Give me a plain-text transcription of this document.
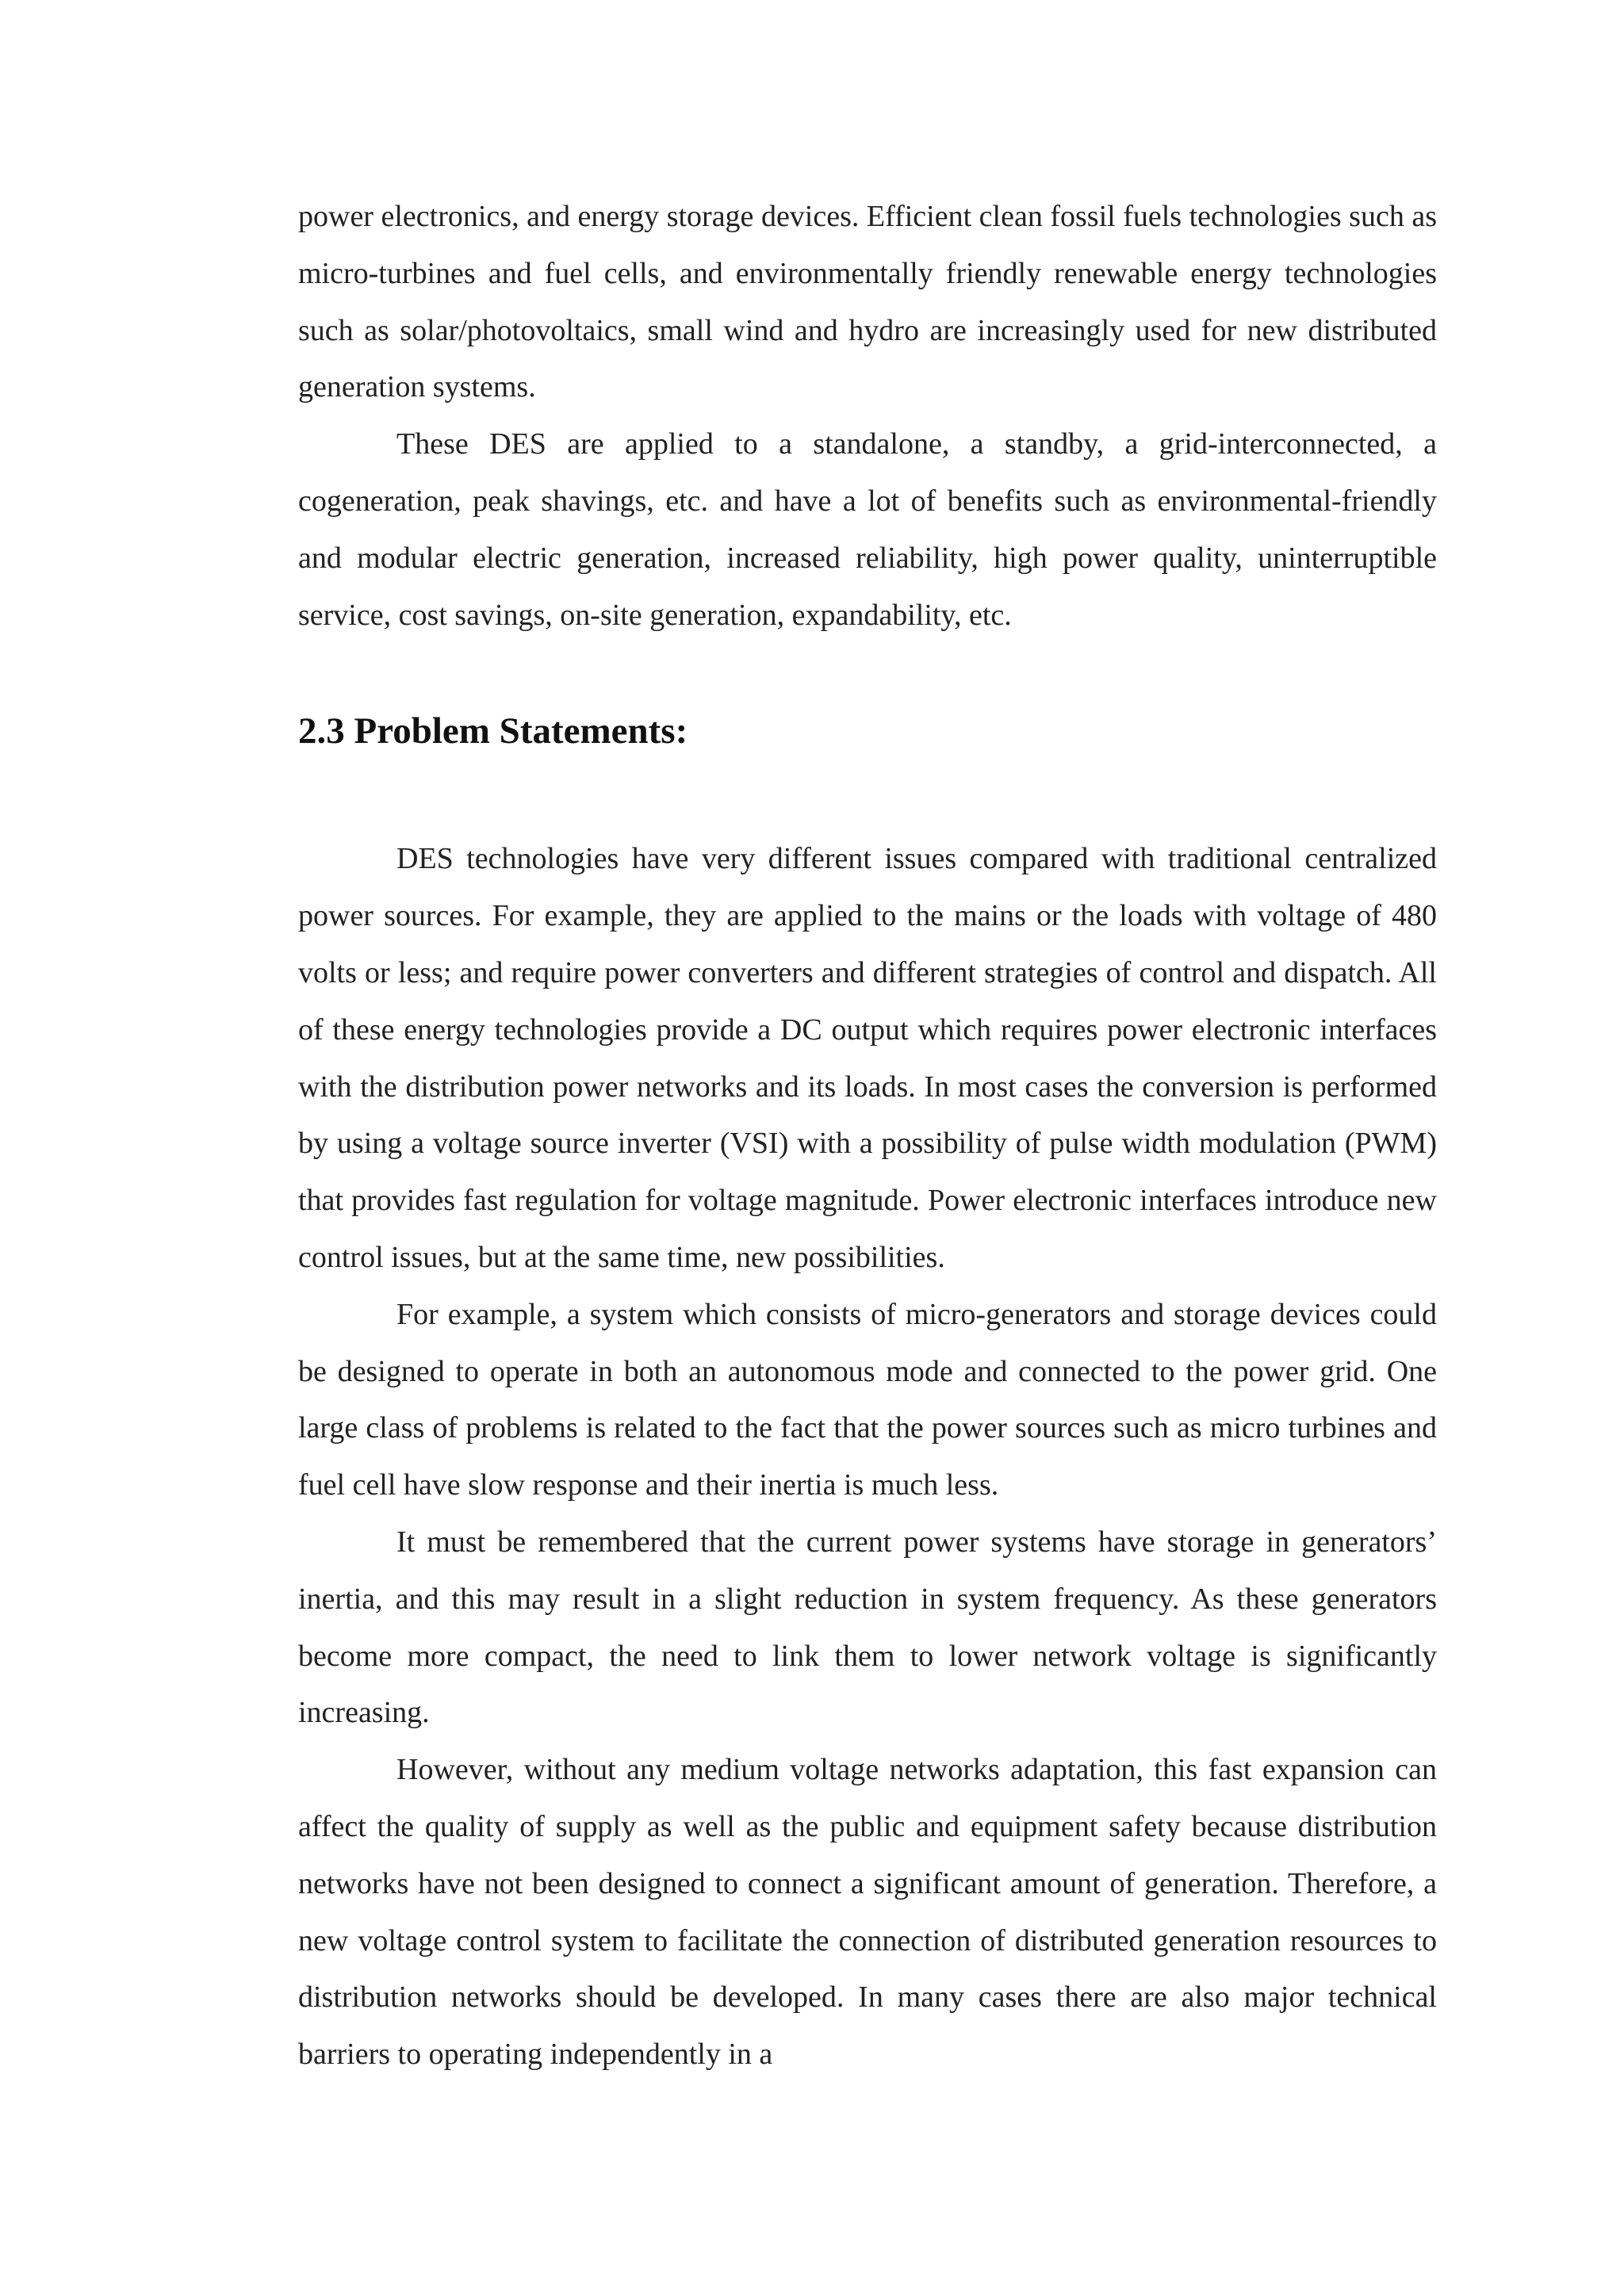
power electronics, and energy storage devices. Efficient clean fossil fuels technologies such as micro-turbines and fuel cells, and environmentally friendly renewable energy technologies such as solar/photovoltaics, small wind and hydro are increasingly used for new distributed generation systems.

These DES are applied to a standalone, a standby, a grid-interconnected, a cogeneration, peak shavings, etc. and have a lot of benefits such as environmental-friendly and modular electric generation, increased reliability, high power quality, uninterruptible service, cost savings, on-site generation, expandability, etc.

2.3 Problem Statements:

DES technologies have very different issues compared with traditional centralized power sources. For example, they are applied to the mains or the loads with voltage of 480 volts or less; and require power converters and different strategies of control and dispatch. All of these energy technologies provide a DC output which requires power electronic interfaces with the distribution power networks and its loads. In most cases the conversion is performed by using a voltage source inverter (VSI) with a possibility of pulse width modulation (PWM) that provides fast regulation for voltage magnitude. Power electronic interfaces introduce new control issues, but at the same time, new possibilities.

For example, a system which consists of micro-generators and storage devices could be designed to operate in both an autonomous mode and connected to the power grid. One large class of problems is related to the fact that the power sources such as micro turbines and fuel cell have slow response and their inertia is much less.

It must be remembered that the current power systems have storage in generators’ inertia, and this may result in a slight reduction in system frequency. As these generators become more compact, the need to link them to lower network voltage is significantly increasing.

However, without any medium voltage networks adaptation, this fast expansion can affect the quality of supply as well as the public and equipment safety because distribution networks have not been designed to connect a significant amount of generation. Therefore, a new voltage control system to facilitate the connection of distributed generation resources to distribution networks should be developed. In many cases there are also major technical barriers to operating independently in a
